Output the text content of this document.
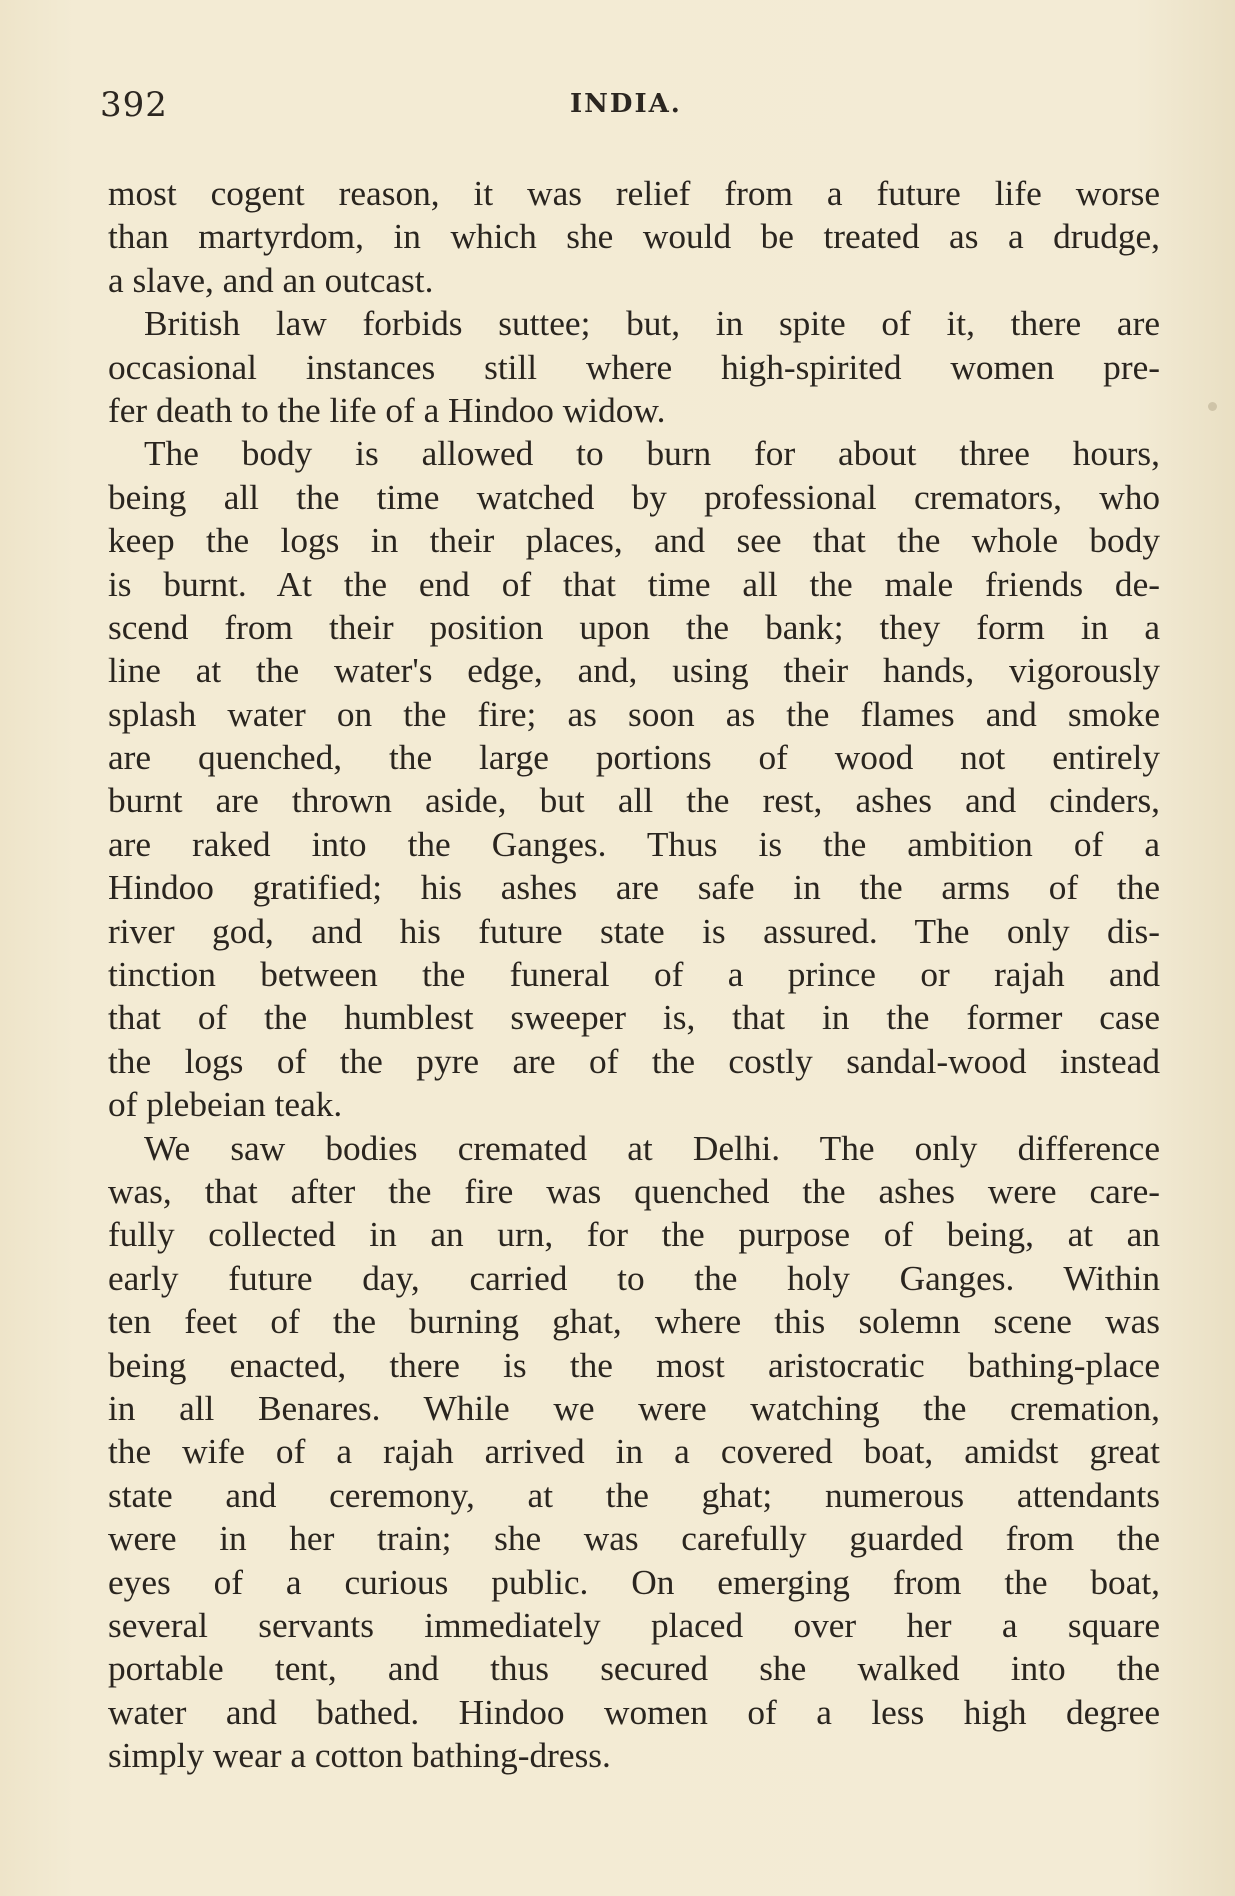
392	INDIA.
most cogent reason, it was relief from a future life worse
than martyrdom, in which she would be treated as a drudge,
a slave, and an outcast.
British law forbids suttee; but, in spite of it, there are
occasional instances still where high-spirited women pre-
fer death to the life of a Hindoo widow.
The body is allowed to burn for about three hours,
being all the time watched by professional cremators, who
keep the logs in their places, and see that the whole body
is burnt. At the end of that time all the male friends de-
scend from their position upon the bank; they form in a
line at the water's edge, and, using their hands, vigorously
splash water on the fire; as soon as the flames and smoke
are quenched, the large portions of wood not entirely
burnt are thrown aside, but all the rest, ashes and cinders,
are raked into the Ganges. Thus is the ambition of a
Hindoo gratified; his ashes are safe in the arms of the
river god, and his future state is assured. The only dis-
tinction between the funeral of a prince or rajah and
that of the humblest sweeper is, that in the former case
the logs of the pyre are of the costly sandal-wood instead
of plebeian teak.
We saw bodies cremated at Delhi. The only difference
was, that after the fire was quenched the ashes were care-
fully collected in an urn, for the purpose of being, at an
early future day, carried to the holy Ganges. Within
ten feet of the burning ghat, where this solemn scene was
being enacted, there is the most aristocratic bathing-place
in all Benares. While we were watching the cremation,
the wife of a rajah arrived in a covered boat, amidst great
state and ceremony, at the ghat; numerous attendants
were in her train; she was carefully guarded from the
eyes of a curious public. On emerging from the boat,
several servants immediately placed over her a square
portable tent, and thus secured she walked into the
water and bathed. Hindoo women of a less high degree
simply wear a cotton bathing-dress.
